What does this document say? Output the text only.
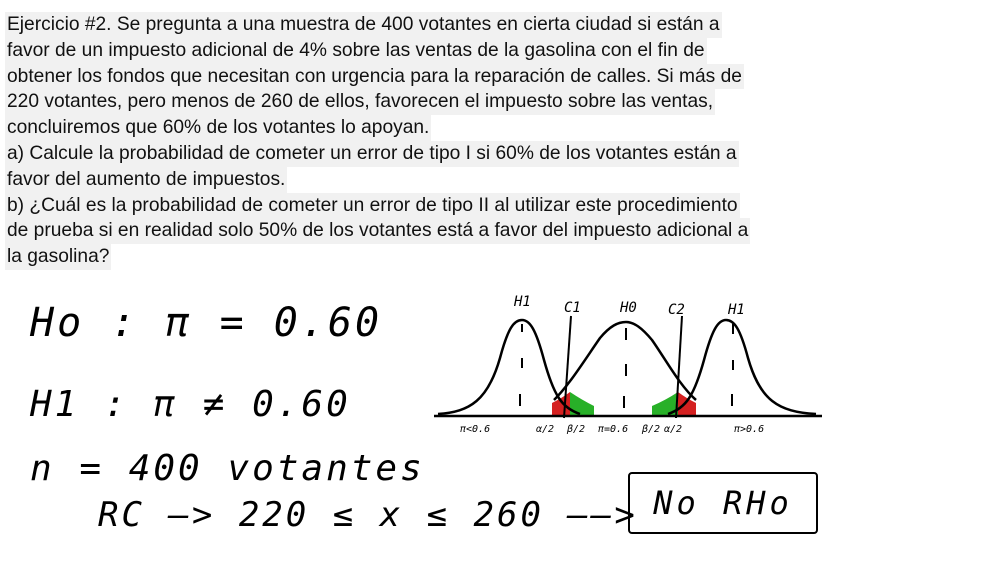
Ejercicio #2. Se pregunta a una muestra de 400 votantes en cierta ciudad si están a

favor de un impuesto adicional de 4% sobre las ventas de la gasolina con el fin de

obtener los fondos que necesitan con urgencia para la reparación de calles. Si más de

220 votantes, pero menos de 260 de ellos, favorecen el impuesto sobre las ventas,

concluiremos que 60% de los votantes lo apoyan.

a) Calcule la probabilidad de cometer un error de tipo I si 60% de los votantes están a

favor del aumento de impuestos.

b) ¿Cuál es la probabilidad de cometer un error de tipo II al utilizar este procedimiento

de prueba si en realidad solo 50% de los votantes está a favor del impuesto adicional a

la gasolina?

Ho : π = 0.60
H1 : π ≠ 0.60
n = 400 votantes
RC —> 220 ≤ x ≤ 260 ——> No RHo
H1 C1	H0 C2	H1
π<0.6	α/2 β/2 π=0.6 β/2 α/2	π>0.6
